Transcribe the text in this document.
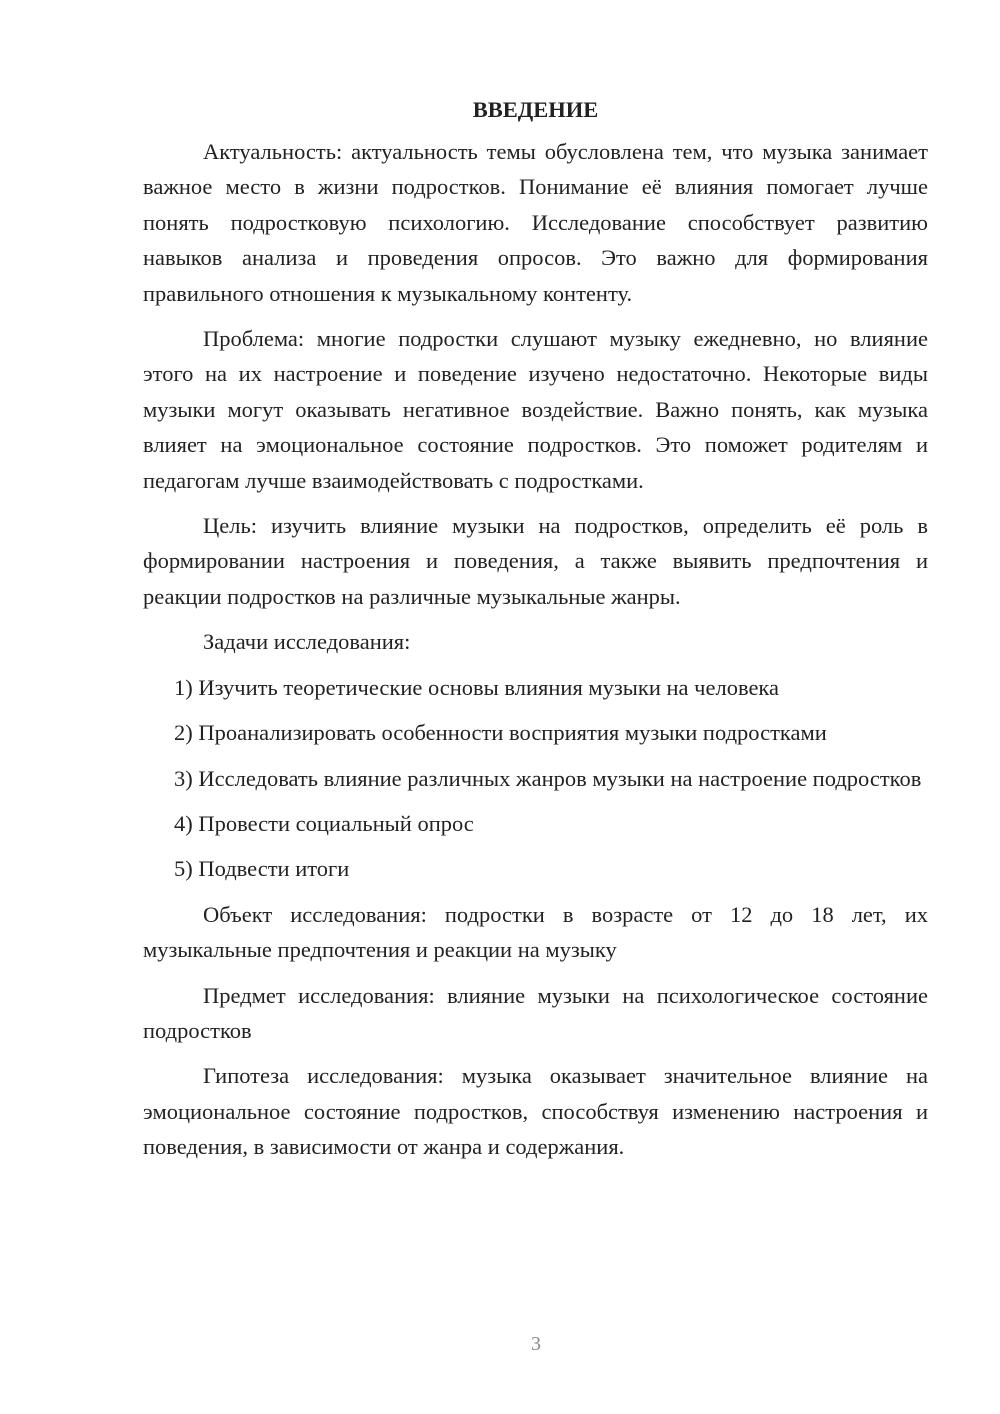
ВВЕДЕНИЕ

Актуальность: актуальность темы обусловлена тем, что музыка занимает важное место в жизни подростков. Понимание её влияния помогает лучше понять подростковую психологию. Исследование способствует развитию навыков анализа и проведения опросов. Это важно для формирования правильного отношения к музыкальному контенту.

Проблема: многие подростки слушают музыку ежедневно, но влияние этого на их настроение и поведение изучено недостаточно. Некоторые виды музыки могут оказывать негативное воздействие. Важно понять, как музыка влияет на эмоциональное состояние подростков. Это поможет родителям и педагогам лучше взаимодействовать с подростками.

Цель: изучить влияние музыки на подростков, определить её роль в формировании настроения и поведения, а также выявить предпочтения и реакции подростков на различные музыкальные жанры.

Задачи исследования:

1) Изучить теоретические основы влияния музыки на человека

2) Проанализировать особенности восприятия музыки подростками

3) Исследовать влияние различных жанров музыки на настроение подростков

4) Провести социальный опрос

5) Подвести итоги

Объект исследования: подростки в возрасте от 12 до 18 лет, их музыкальные предпочтения и реакции на музыку

Предмет исследования: влияние музыки на психологическое состояние подростков

Гипотеза исследования: музыка оказывает значительное влияние на эмоциональное состояние подростков, способствуя изменению настроения и поведения, в зависимости от жанра и содержания.

3
